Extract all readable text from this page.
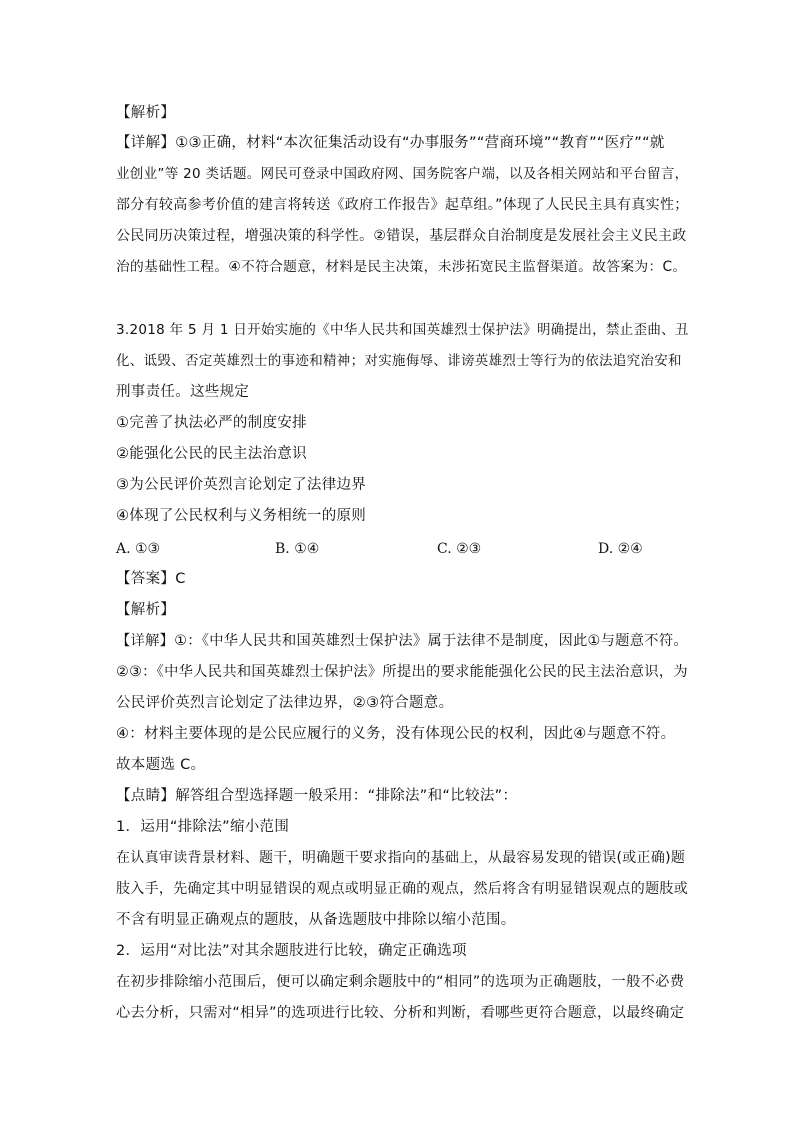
【解析】
【详解】①③正确，材料“本次征集活动设有“办事服务”“营商环境”“教育”“医疗”“就
业创业”等 20 类话题。网民可登录中国政府网、国务院客户端，以及各相关网站和平台留言，
部分有较高参考价值的建言将转送《政府工作报告》起草组。”体现了人民民主具有真实性；
公民同历决策过程，增强决策的科学性。②错误，基层群众自治制度是发展社会主义民主政
治的基础性工程。④不符合题意，材料是民主决策，未涉拓宽民主监督渠道。故答案为：C。
3.2018 年 5 月 1 日开始实施的《中华人民共和国英雄烈士保护法》明确提出，禁止歪曲、丑
化、诋毁、否定英雄烈士的事迹和精神；对实施侮辱、诽谤英雄烈士等行为的依法追究治安和
刑事责任。这些规定
①完善了执法必严的制度安排
②能强化公民的民主法治意识
③为公民评价英烈言论划定了法律边界
④体现了公民权利与义务相统一的原则
A. ①③	B. ①④	C. ②③	D. ②④
【答案】C
【解析】
【详解】①：《中华人民共和国英雄烈士保护法》属于法律不是制度，因此①与题意不符。
②③：《中华人民共和国英雄烈士保护法》所提出的要求能能强化公民的民主法治意识，为
公民评价英烈言论划定了法律边界，②③符合题意。
④：材料主要体现的是公民应履行的义务，没有体现公民的权利，因此④与题意不符。
故本题选 C。
【点睛】解答组合型选择题一般采用：“排除法”和“比较法”：
1．运用“排除法”缩小范围
在认真审读背景材料、题干，明确题干要求指向的基础上，从最容易发现的错误(或正确)题
肢入手，先确定其中明显错误的观点或明显正确的观点，然后将含有明显错误观点的题肢或
不含有明显正确观点的题肢，从备选题肢中排除以缩小范围。
2．运用“对比法”对其余题肢进行比较，确定正确选项
在初步排除缩小范围后，便可以确定剩余题肢中的“相同”的选项为正确题肢，一般不必费
心去分析，只需对“相异”的选项进行比较、分析和判断，看哪些更符合题意，以最终确定
